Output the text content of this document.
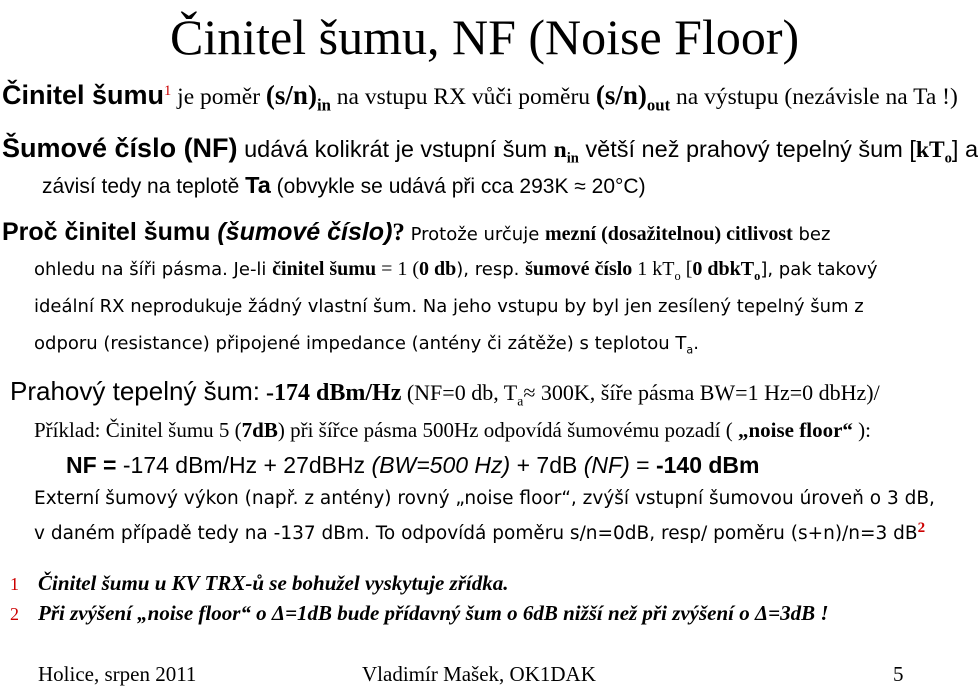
Činitel šumu, NF (Noise Floor)
Činitel šumu$^1$ je poměr $(s/n)_{in}$ na vstupu RX vůči poměru $(s/n)_{out}$ na výstupu (nezávisle na Ta !)
Šumové číslo (NF) udává kolikrát je vstupní šum $n_{in}$ větší než prahový tepelný šum $[kT_o]$ a
závisí tedy na teplotě Ta (obvykle se udává při cca 293K ≈ 20°C)
Proč činitel šumu (šumové číslo)? Protože určuje mezní (dosažitelnou) citlivost bez
ohledu na šíři pásma. Je-li činitel šumu = 1 (0 db), resp. šumové číslo 1 $kT_o$ [0 dbkT$_o$], pak takový
ideální RX neprodukuje žádný vlastní šum. Na jeho vstupu by byl jen zesílený tepelný šum z
odporu (resistance) připojené impedance (antény či zátěže) s teplotou $T_a$.
Prahový tepelný šum: -174 dBm/Hz (NF=0 db, $T_a\approx 300K$, šíře pásma BW=1 Hz=0 dbHz)/
Příklad: Činitel šumu 5 (7dB) při šířce pásma 500Hz odpovídá šumovému pozadí ( „noise floor“ ):
NF = -174 dBm/Hz + 27dBHz (BW=500 Hz) + 7dB (NF) = -140 dBm
Externí šumový výkon (např. z antény) rovný „noise floor“, zvýší vstupní šumovou úroveň o 3 dB,
v daném případě tedy na -137 dBm. To odpovídá poměru s/n=0dB, resp/ poměru (s+n)/n=3 $dB^2$
1 Činitel šumu u KV TRX-ů se bohužel vyskytuje zřídka.
2 Při zvýšení „noise floor“ o Δ=1dB bude přídavný šum o 6dB nižší než při zvýšení o Δ=3dB !
Holice, srpen 2011	Vladimír Mašek, OK1DAK	5
